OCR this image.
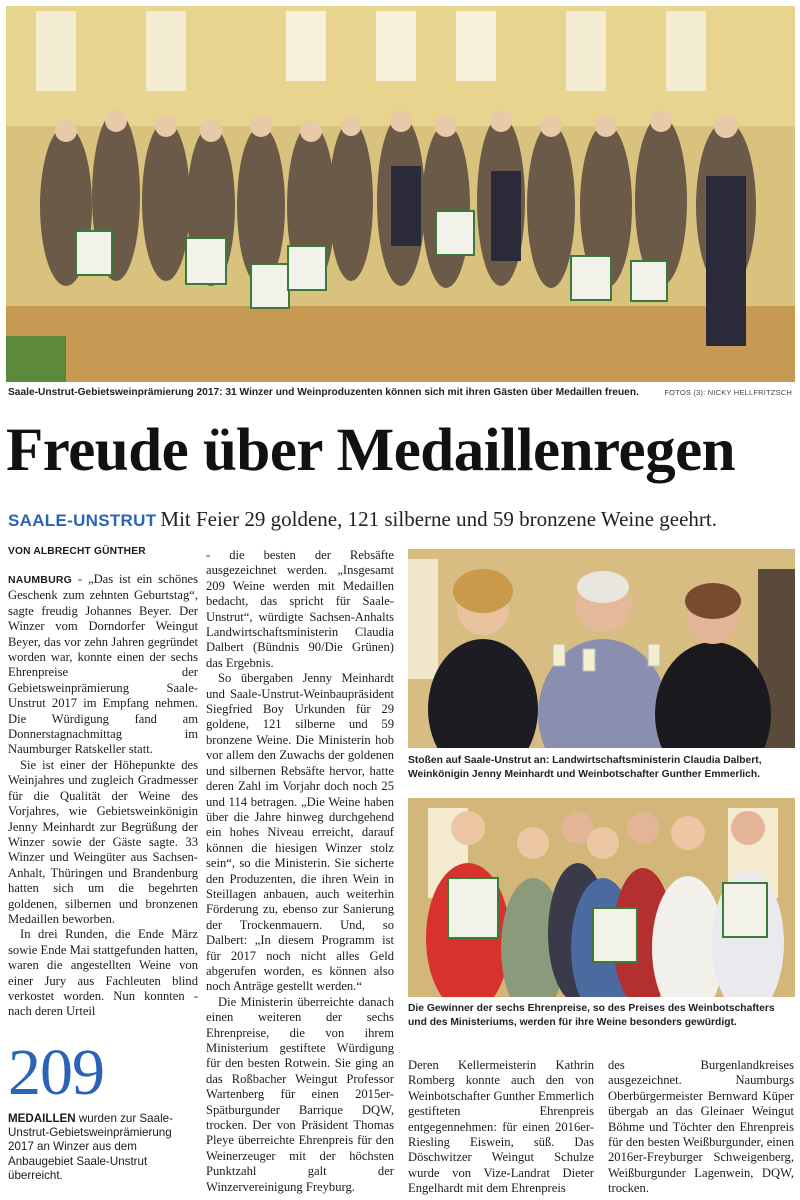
Saale-Unstrut-Gebietsweinprämierung 2017: 31 Winzer und Weinproduzenten können sich mit ihren Gästen über Medaillen freuen.	FOTOS (3): NICKY HELLFRITZSCH
Freude über Medaillenregen
SAALE-UNSTRUT Mit Feier 29 goldene, 121 silberne und 59 bronzene Weine geehrt.
VON ALBRECHT GÜNTHER

NAUMBURG - „Das ist ein schönes Geschenk zum zehnten Geburtstag“, sagte freudig Johannes Beyer. Der Winzer vom Dorndorfer Weingut Beyer, das vor zehn Jahren gegründet worden war, konnte einen der sechs Ehrenpreise der Gebietsweinprämierung Saale-Unstrut 2017 im Empfang nehmen. Die Würdigung fand am Donnerstagnachmittag im Naumburger Ratskeller statt.

Sie ist einer der Höhepunkte des Weinjahres und zugleich Gradmesser für die Qualität der Weine des Vorjahres, wie Gebietsweinkönigin Jenny Meinhardt zur Begrüßung der Winzer sowie der Gäste sagte. 33 Winzer und Weingüter aus Sachsen-Anhalt, Thüringen und Brandenburg hatten sich um die begehrten goldenen, silbernen und bronzenen Medaillen beworben.

In drei Runden, die Ende März sowie Ende Mai stattgefunden hatten, waren die angestellten Weine von einer Jury aus Fachleuten blind verkostet worden. Nun konnten - nach deren Urteil

209
MEDAILLEN wurden zur Saale-Unstrut-Gebietsweinprämierung 2017 an Winzer aus dem Anbaugebiet Saale-Unstrut überreicht.

- die besten der Rebsäfte ausgezeichnet werden. „Insgesamt 209 Weine werden mit Medaillen bedacht, das spricht für Saale-Unstrut“, würdigte Sachsen-Anhalts Landwirtschaftsministerin Claudia Dalbert (Bündnis 90/Die Grünen) das Ergebnis.

So übergaben Jenny Meinhardt und Saale-Unstrut-Weinbaupräsident Siegfried Boy Urkunden für 29 goldene, 121 silberne und 59 bronzene Weine. Die Ministerin hob vor allem den Zuwachs der goldenen und silbernen Rebsäfte hervor, hatte deren Zahl im Vorjahr doch noch 25 und 114 betragen. „Die Weine haben über die Jahre hinweg durchgehend ein hohes Niveau erreicht, darauf können die hiesigen Winzer stolz sein“, so die Ministerin. Sie sicherte den Produzenten, die ihren Wein in Steillagen anbauen, auch weiterhin Förderung zu, ebenso zur Sanierung der Trockenmauern. Und, so Dalbert: „In diesem Programm ist für 2017 noch nicht alles Geld abgerufen worden, es können also noch Anträge gestellt werden.“

Die Ministerin überreichte danach einen weiteren der sechs Ehrenpreise, die von ihrem Ministerium gestiftete Würdigung für den besten Rotwein. Sie ging an das Roßbacher Weingut Professor Wartenberg für einen 2015er-Spätburgunder Barrique DQW, trocken. Der von Präsident Thomas Pleye überreichte Ehrenpreis für den Weinerzeuger mit der höchsten Punktzahl galt der Winzervereinigung Freyburg.

Stoßen auf Saale-Unstrut an: Landwirtschaftsministerin Claudia Dalbert, Weinkönigin Jenny Meinhardt und Weinbotschafter Gunther Emmerlich.
Die Gewinner der sechs Ehrenpreise, so des Preises des Weinbotschafters und des Ministeriums, werden für ihre Weine besonders gewürdigt.

Deren Kellermeisterin Kathrin Romberg konnte auch den von Weinbotschafter Gunther Emmerlich gestifteten Ehrenpreis entgegennehmen: für einen 2016er-Riesling Eiswein, süß. Das Döschwitzer Weingut Schulze wurde von Vize-Landrat Dieter Engelhardt mit dem Ehrenpreis

des Burgenlandkreises ausgezeichnet. Naumburgs Oberbürgermeister Bernward Küper übergab an das Gleinaer Weingut Böhme und Töchter den Ehrenpreis für den besten Weißburgunder, einen 2016er-Freyburger Schweigenberg, Weißburgunder Lagenwein, DQW, trocken.
